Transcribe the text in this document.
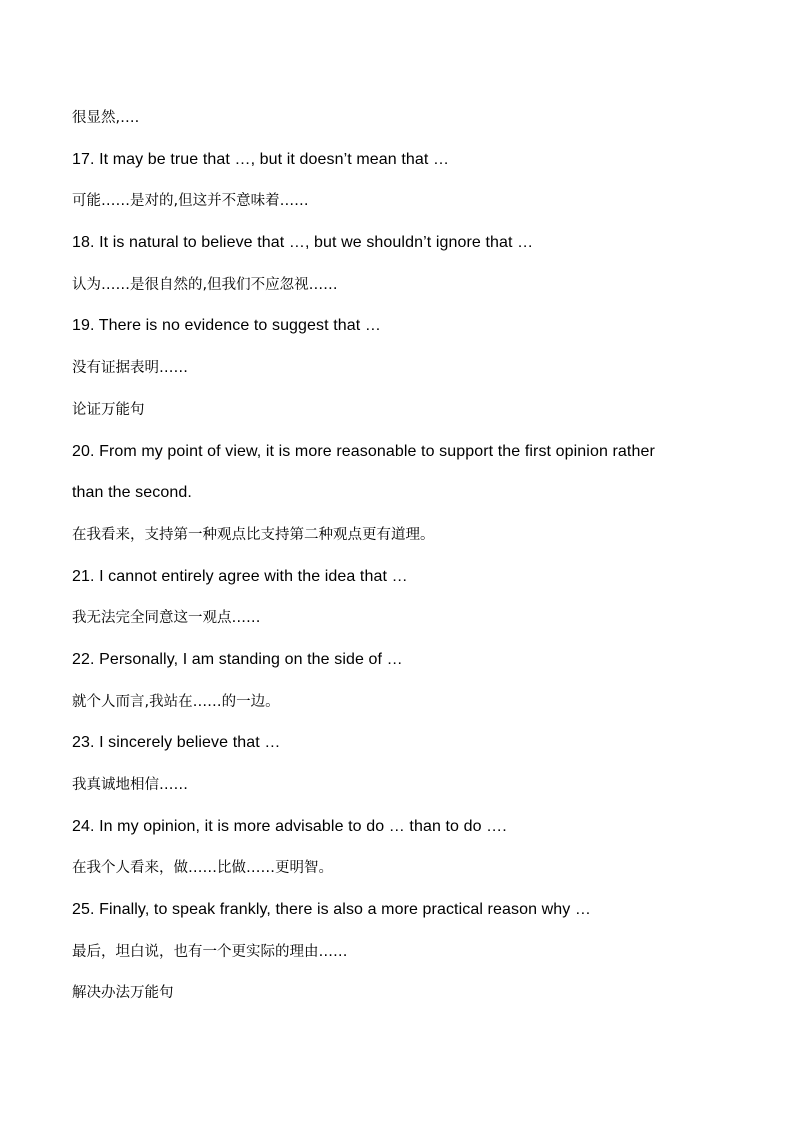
很显然,….
17. It may be true that …, but it doesn’t mean that …
可能……是对的,但这并不意味着……
18. It is natural to believe that …, but we shouldn’t ignore that …
认为……是很自然的,但我们不应忽视……
19. There is no evidence to suggest that …
没有证据表明……
论证万能句
20. From my point of view, it is more reasonable to support the first opinion rather
than the second.
在我看来，支持第一种观点比支持第二种观点更有道理。
21. I cannot entirely agree with the idea that …
我无法完全同意这一观点……
22. Personally, I am standing on the side of …
就个人而言,我站在……的一边。
23. I sincerely believe that …
我真诚地相信……
24. In my opinion, it is more advisable to do … than to do ….
在我个人看来，做……比做……更明智。
25. Finally, to speak frankly, there is also a more practical reason why …
最后，坦白说，也有一个更实际的理由……
解决办法万能句
